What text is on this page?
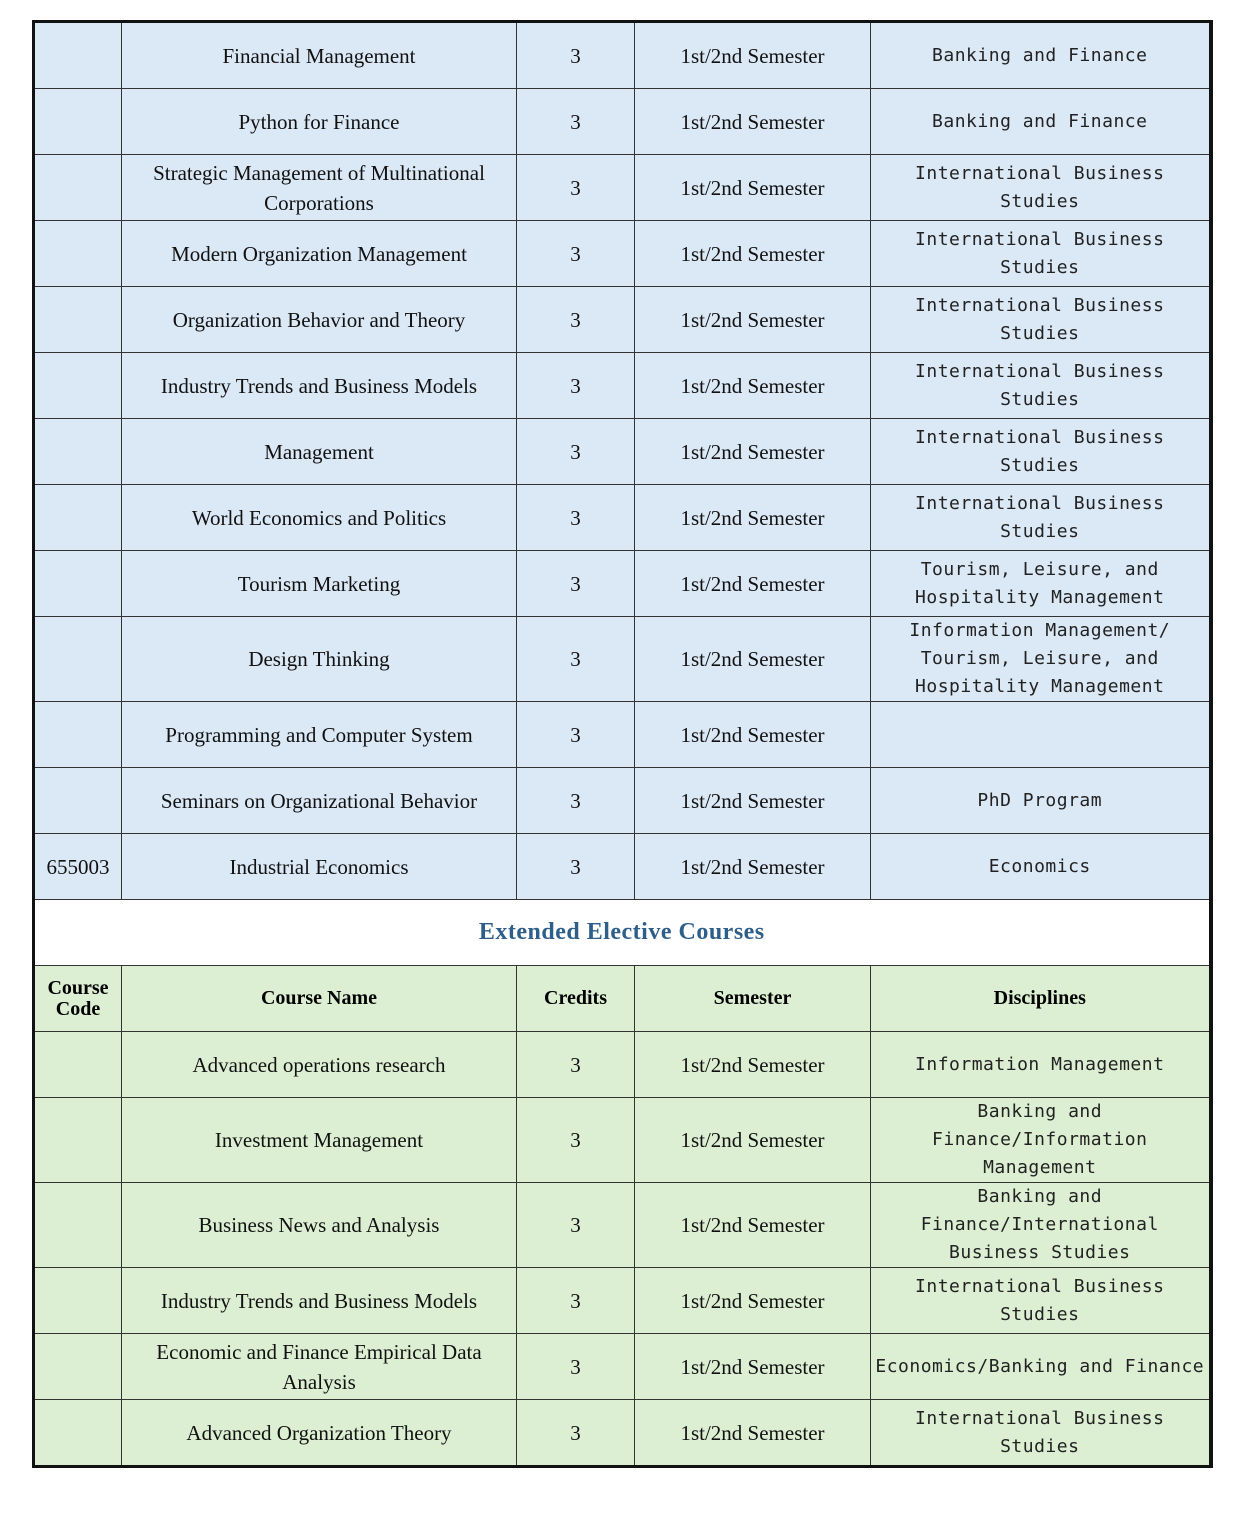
	Financial Management	3	1st/2nd Semester	Banking and Finance
	Python for Finance	3	1st/2nd Semester	Banking and Finance
	Strategic Management of Multinational Corporations	3	1st/2nd Semester	International Business Studies
	Modern Organization Management	3	1st/2nd Semester	International Business Studies
	Organization Behavior and Theory	3	1st/2nd Semester	International Business Studies
	Industry Trends and Business Models	3	1st/2nd Semester	International Business Studies
	Management	3	1st/2nd Semester	International Business Studies
	World Economics and Politics	3	1st/2nd Semester	International Business Studies
	Tourism Marketing	3	1st/2nd Semester	Tourism, Leisure, and Hospitality Management
	Design Thinking	3	1st/2nd Semester	Information Management/ Tourism, Leisure, and Hospitality Management
	Programming and Computer System	3	1st/2nd Semester	
	Seminars on Organizational Behavior	3	1st/2nd Semester	PhD Program
655003	Industrial Economics	3	1st/2nd Semester	Economics
Extended Elective Courses				
Course Code	Course Name	Credits	Semester	Disciplines
	Advanced operations research	3	1st/2nd Semester	Information Management
	Investment Management	3	1st/2nd Semester	Banking and Finance/Information Management
	Business News and Analysis	3	1st/2nd Semester	Banking and Finance/International Business Studies
	Industry Trends and Business Models	3	1st/2nd Semester	International Business Studies
	Economic and Finance Empirical Data Analysis	3	1st/2nd Semester	Economics/Banking and Finance
	Advanced Organization Theory	3	1st/2nd Semester	International Business Studies
